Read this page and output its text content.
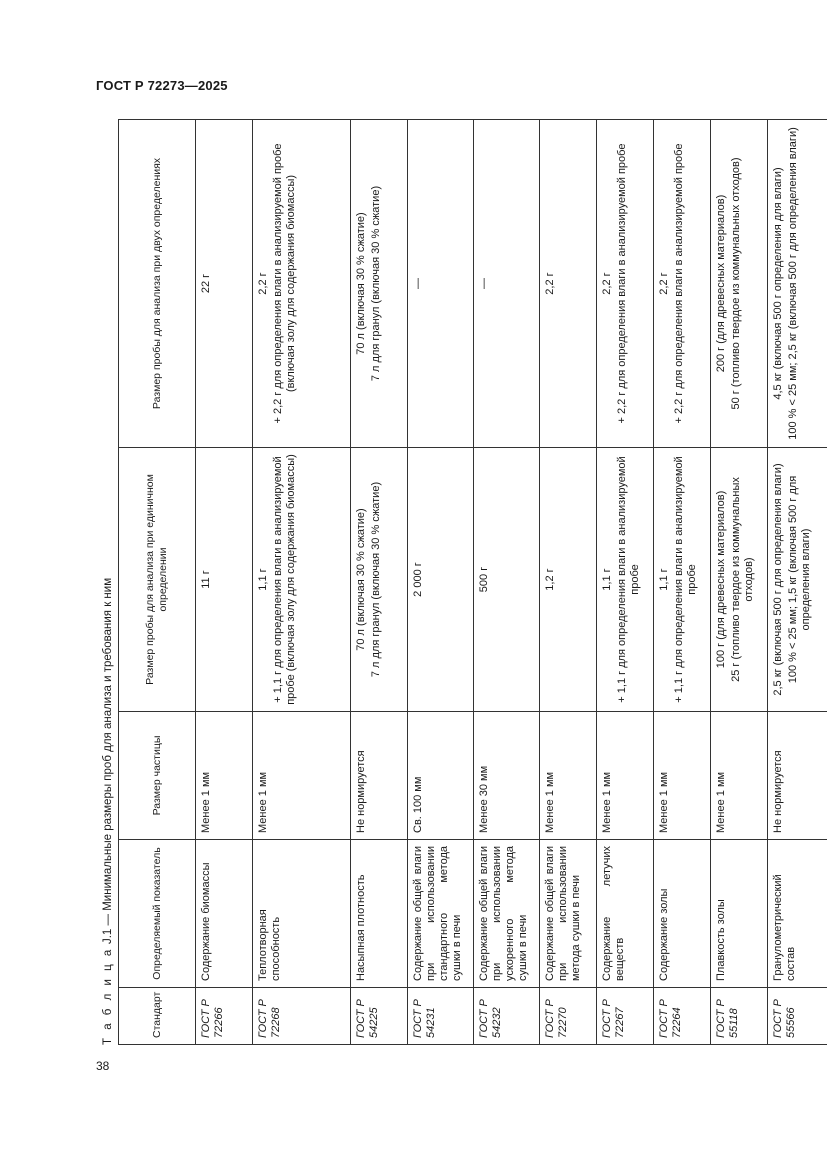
ГОСТ Р 72273—2025
Т а б л и ц а J.1 — Минимальные размеры проб для анализа и требования к ним
Стандарт	Определяемый показатель	Размер частицы	Размер пробы для анализа при единичном определении	Размер пробы для анализа при двух определениях
ГОСТ Р 72266	Содержание биомассы	Менее 1 мм	11 г	22 г
ГОСТ Р 72268	Теплотворная способность	Менее 1 мм	1,1 г + 1,1 г для определения влаги в анализируемой пробе (включая золу для содержания биомассы)	2,2 г + 2,2 г для определения влаги в анализируемой пробе (включая золу для содержания биомассы)

ГОСТ Р 54225	Насыпная плотность	Не нормируется	70 л (включая 30 % сжатие) 7 л для гранул (включая 30 % сжатие)	70 л (включая 30 % сжатие) 7 л для гранул (включая 30 % сжатие)

ГОСТ Р 54231	Содержание общей влаги при использовании стандартного метода сушки в печи	Св. 100 мм	2 000 г	—
ГОСТ Р 54232	Содержание общей влаги при использовании ускоренного метода сушки в печи	Менее 30 мм	500 г	—
ГОСТ Р 72270	Содержание общей влаги при использовании метода сушки в печи	Менее 1 мм	1,2 г	2,2 г
ГОСТ Р 72267	Содержание летучих веществ	Менее 1 мм	1,1 г + 1,1 г для определения влаги в анализируемой пробе	2,2 г + 2,2 г для определения влаги в анализируемой пробе

ГОСТ Р 72264	Содержание золы	Менее 1 мм	1,1 г + 1,1 г для определения влаги в анализируемой пробе	2,2 г + 2,2 г для определения влаги в анализируемой пробе

ГОСТ Р 55118	Плавкость золы	Менее 1 мм	100 г (для древесных материалов) 25 г (топливо твердое из коммунальных отходов)	200 г (для древесных материалов) 50 г (топливо твердое из коммунальных отходов)

ГОСТ Р 55566	Гранулометрический состав	Не нормируется	2,5 кг (включая 500 г для определения влаги) 100 % < 25 мм; 1,5 кг (включая 500 г для определения влаги)	4,5 кг (включая 500 г определения для влаги) 100 % < 25 мм; 2,5 кг (включая 500 г для определения влаги)
38
